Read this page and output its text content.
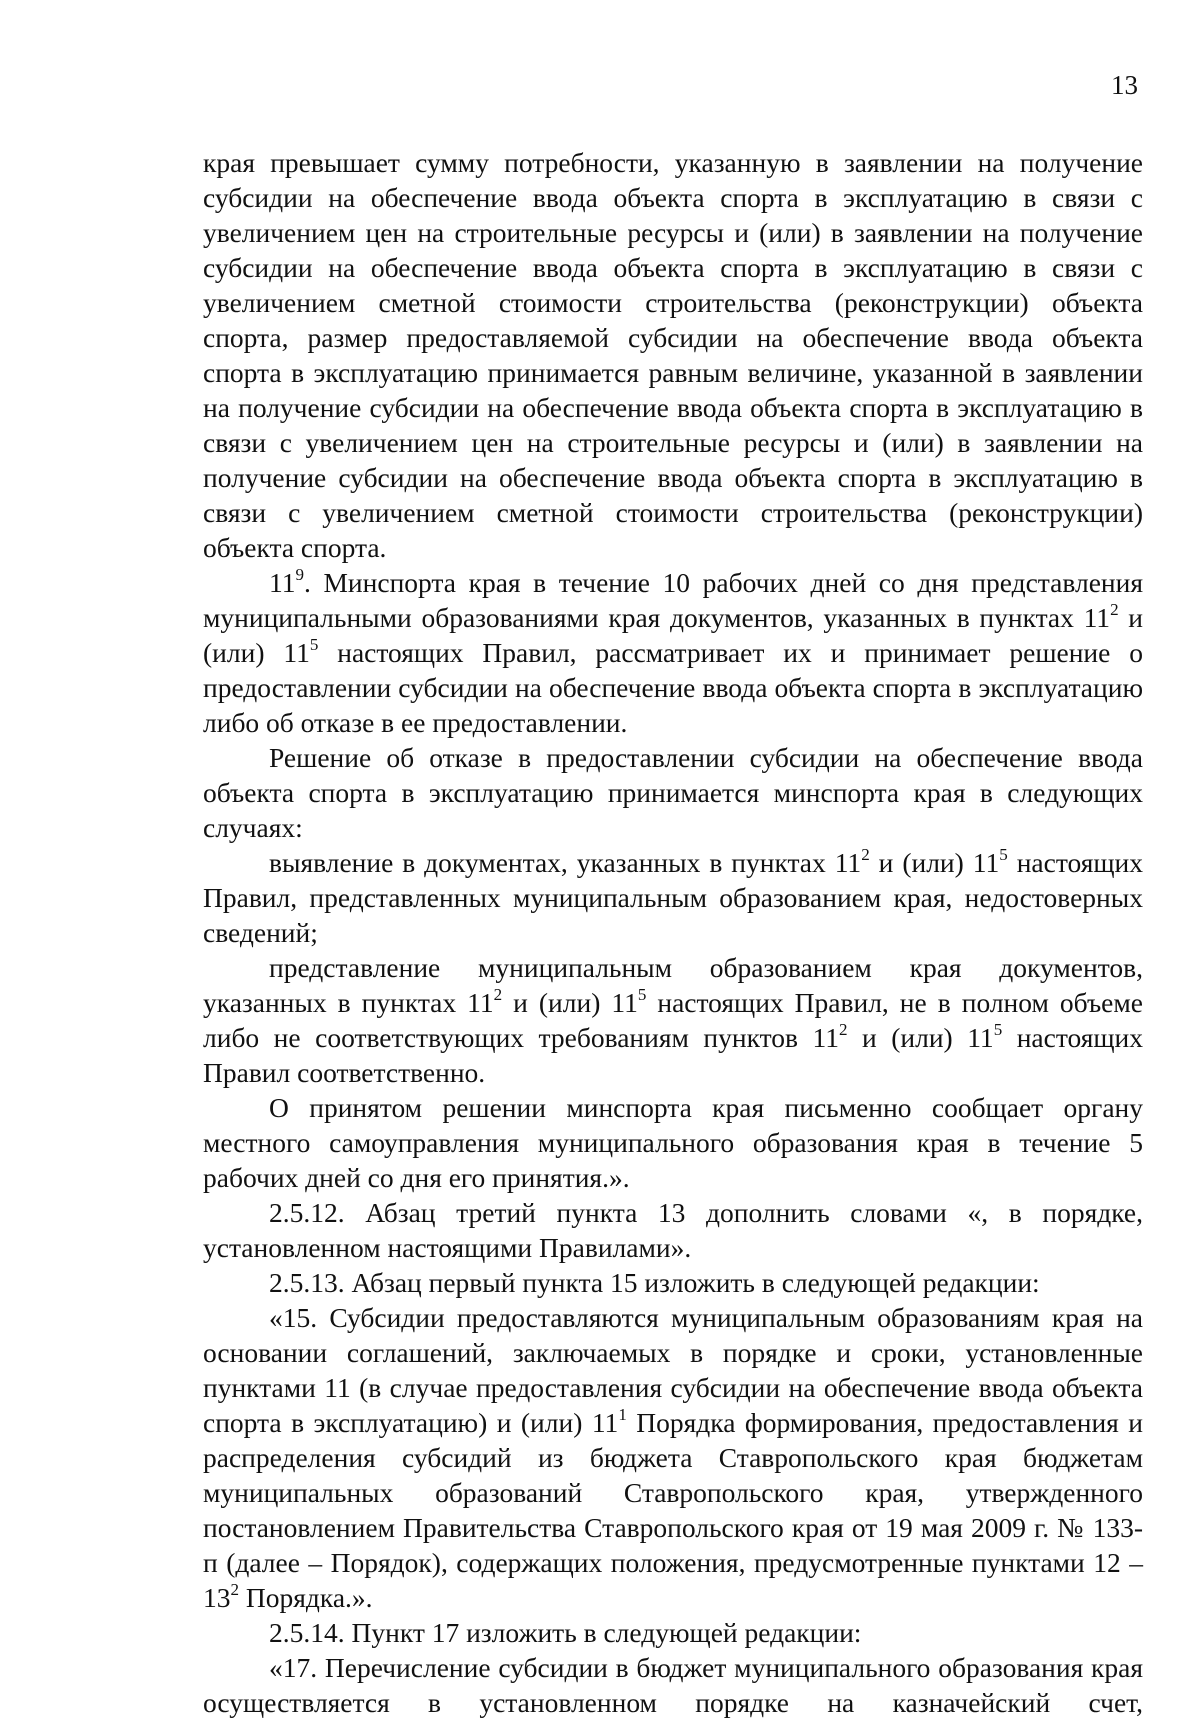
13

края превышает сумму потребности, указанную в заявлении на получение субсидии на обеспечение ввода объекта спорта в эксплуатацию в связи с увеличением цен на строительные ресурсы и (или) в заявлении на получение субсидии на обеспечение ввода объекта спорта в эксплуатацию в связи с увеличением сметной стоимости строительства (реконструкции) объекта спорта, размер предоставляемой субсидии на обеспечение ввода объекта спорта в эксплуатацию принимается равным величине, указанной в заявлении на получение субсидии на обеспечение ввода объекта спорта в эксплуатацию в связи с увеличением цен на строительные ресурсы и (или) в заявлении на получение субсидии на обеспечение ввода объекта спорта в эксплуатацию в связи с увеличением сметной стоимости строительства (реконструкции) объекта спорта.

$11^9$. Минспорта края в течение 10 рабочих дней со дня представления муниципальными образованиями края документов, указанных в пунктах $11^2$ и (или) $11^5$ настоящих Правил, рассматривает их и принимает решение о предоставлении субсидии на обеспечение ввода объекта спорта в эксплуатацию либо об отказе в ее предоставлении.

Решение об отказе в предоставлении субсидии на обеспечение ввода объекта спорта в эксплуатацию принимается минспорта края в следующих случаях:

выявление в документах, указанных в пунктах $11^2$ и (или) $11^5$ настоящих Правил, представленных муниципальным образованием края, недостоверных сведений;

представление муниципальным образованием края документов, указанных в пунктах $11^2$ и (или) $11^5$ настоящих Правил, не в полном объеме либо не соответствующих требованиям пунктов $11^2$ и (или) $11^5$ настоящих Правил соответственно.

О принятом решении минспорта края письменно сообщает органу местного самоуправления муниципального образования края в течение 5 рабочих дней со дня его принятия.».

2.5.12. Абзац третий пункта 13 дополнить словами «, в порядке, установленном настоящими Правилами».

2.5.13. Абзац первый пункта 15 изложить в следующей редакции:

«15. Субсидии предоставляются муниципальным образованиям края на основании соглашений, заключаемых в порядке и сроки, установленные пунктами 11 (в случае предоставления субсидии на обеспечение ввода объекта спорта в эксплуатацию) и (или) $11^1$ Порядка формирования, предоставления и распределения субсидий из бюджета Ставропольского края бюджетам муниципальных образований Ставропольского края, утвержденного постановлением Правительства Ставропольского края от 19 мая 2009 г. № 133-п (далее – Порядок), содержащих положения, предусмотренные пунктами $12 - 13^2$ Порядка.».

2.5.14. Пункт 17 изложить в следующей редакции:

«17. Перечисление субсидии в бюджет муниципального образования края осуществляется в установленном порядке на казначейский счет,
